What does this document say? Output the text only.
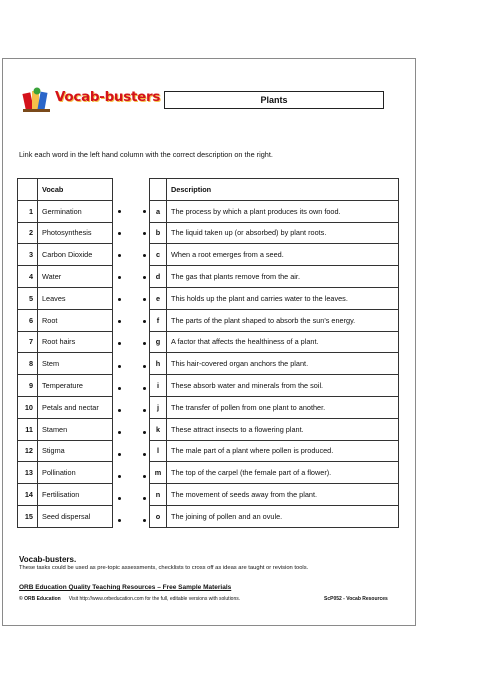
Vocab-busters	Plants
Link each word in the left hand column with the correct description on the right.
	Vocab
1	Germination
2	Photosynthesis
3	Carbon Dioxide
4	Water
5	Leaves
6	Root
7	Root hairs
8	Stem
9	Temperature
10	Petals and nectar
11	Stamen
12	Stigma
13	Pollination
14	Fertilisation
15	Seed dispersal
	Description
a	The process by which a plant produces its own food.
b	The liquid taken up (or absorbed) by plant roots.
c	When a root emerges from a seed.
d	The gas that plants remove from the air.
e	This holds up the plant and carries water to the leaves.
f	The parts of the plant shaped to absorb the sun's energy.
g	A factor that affects the healthiness of a plant.
h	This hair-covered organ anchors the plant.
i	These absorb water and minerals from the soil.
j	The transfer of pollen from one plant to another.
k	These attract insects to a flowering plant.
l	The male part of a plant where pollen is produced.
m	The top of the carpel (the female part of a flower).
n	The movement of seeds away from the plant.
o	The joining of pollen and an ovule.
Vocab-busters.
These tasks could be used as pre-topic assessments, checklists to cross off as ideas are taught or revision tools.
ORB Education Quality Teaching Resources – Free Sample Materials
© ORB Education Visit http://www.orbeducation.com for the full, editable versions with solutions.	ScP052 - Vocab Resources
